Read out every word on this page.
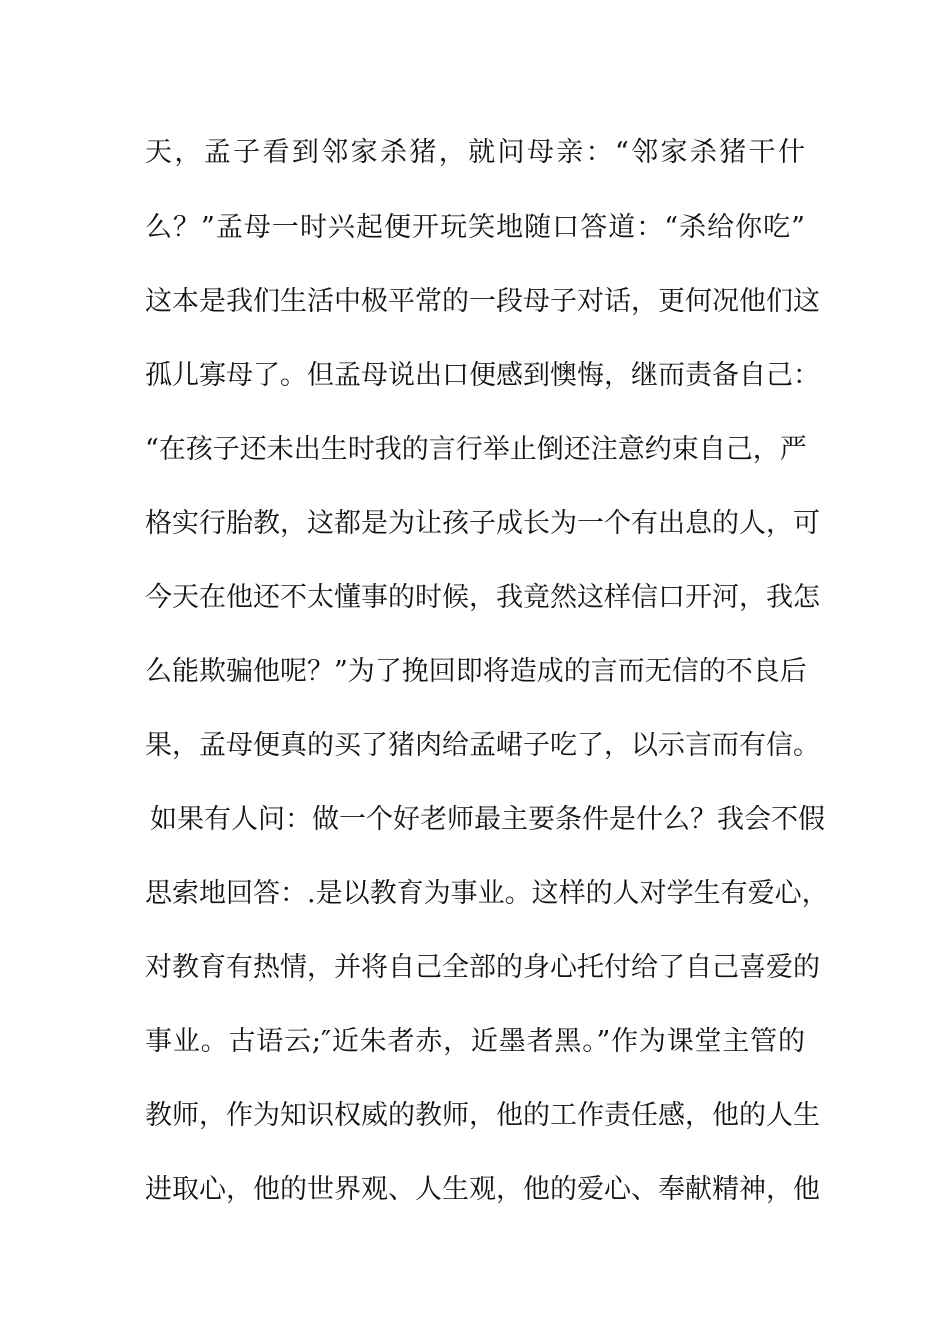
天，孟子看到邻家杀猪，就问母亲：“邻家杀猪干什
么？”孟母一时兴起便开玩笑地随口答道：“杀给你吃”
这本是我们生活中极平常的一段母子对话，更何况他们这
孤儿寡母了。但孟母说出口便感到懊悔，继而责备自己：
“在孩子还未出生时我的言行举止倒还注意约束自己，严
格实行胎教，这都是为让孩子成长为一个有出息的人，可
今天在他还不太懂事的时候，我竟然这样信口开河，我怎
么能欺骗他呢？”为了挽回即将造成的言而无信的不良后
果，孟母便真的买了猪肉给孟峮子吃了，以示言而有信。
如果有人问：做一个好老师最主要条件是什么？我会不假
思索地回答：.是以教育为事业。这样的人对学生有爱心，
对教育有热情，并将自己全部的身心托付给了自己喜爱的
事业。古语云;″近朱者赤，近墨者黑。”作为课堂主管的
教师，作为知识权威的教师，他的工作责任感，他的人生
进取心，他的世界观、人生观，他的爱心、奉献精神，他
